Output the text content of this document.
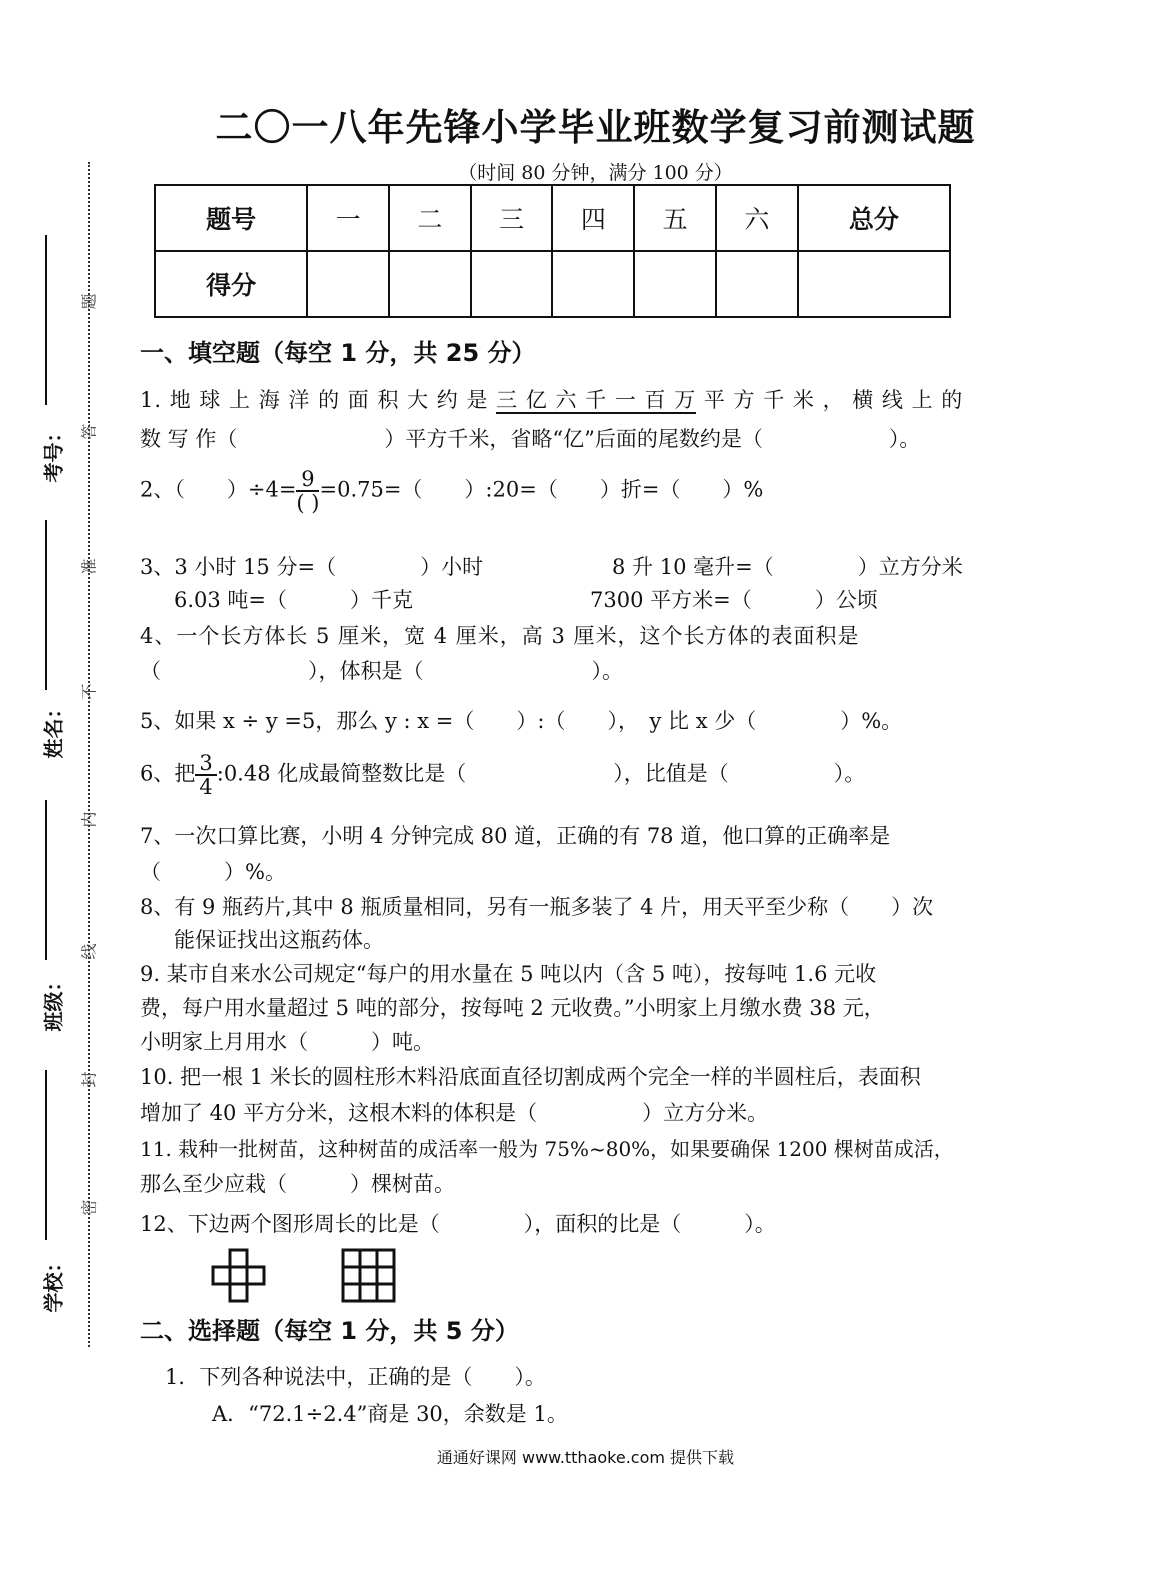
题
答
准
不
内
线
封
密
考号：
姓名：
班级：
学校：
二〇一八年先锋小学毕业班数学复习前测试题
（时间 80 分钟，满分 100 分）
题号	一	二	三	四	五	六	总分
得分							
一、填空题（每空 1 分，共 25 分）
1. 地 球 上 海 洋 的 面 积 大 约 是 三 亿 六 千 一 百 万 平 方 千 米 ， 横 线 上 的
数 写 作（　　　　　　　）平方千米，省略“亿”后面的尾数约是（　　　　　　）。
2、（　　）$\div 4= \frac{9}{( )} =0.75=$（　　）:20=（　　）折=（　　）%
3、3 小时 15 分=（　　　　）小时	8 升 10 毫升=（　　　　）立方分米
6.03 吨=（　　　）千克	7300 平方米=（　　　）公顷
4、一个长方体长 5 厘米，宽 4 厘米，高 3 厘米，这个长方体的表面积是
（　　　　　　　），体积是（　　　　　　　　）。
5、如果 x ÷ y =5，那么 y : x =（　　）:（　　），　y 比 x 少（　　　　）%。
6、把 $\frac{3}{4}$ :0.48 化成最简整数比是（　　　　　　　），比值是（　　　　　）。
7、一次口算比赛，小明 4 分钟完成 80 道，正确的有 78 道，他口算的正确率是
（　　　）%。
8、有 9 瓶药片,其中 8 瓶质量相同，另有一瓶多装了 4 片，用天平至少称（　　）次
能保证找出这瓶药体。
9. 某市自来水公司规定“每户的用水量在 5 吨以内（含 5 吨），按每吨 1.6 元收
费，每户用水量超过 5 吨的部分，按每吨 2 元收费。”小明家上月缴水费 38 元，
小明家上月用水（　　　）吨。
10. 把一根 1 米长的圆柱形木料沿底面直径切割成两个完全一样的半圆柱后，表面积
增加了 40 平方分米，这根木料的体积是（　　　　　）立方分米。
11. 栽种一批树苗，这种树苗的成活率一般为 75%~80%，如果要确保 1200 棵树苗成活，
那么至少应栽（　　　）棵树苗。
12、下边两个图形周长的比是（　　　　），面积的比是（　　　）。
二、选择题（每空 1 分，共 5 分）
1．下列各种说法中，正确的是（　　）。
A．“72.1÷2.4”商是 30，余数是 1。
通通好课网 www.tthaoke.com 提供下载
